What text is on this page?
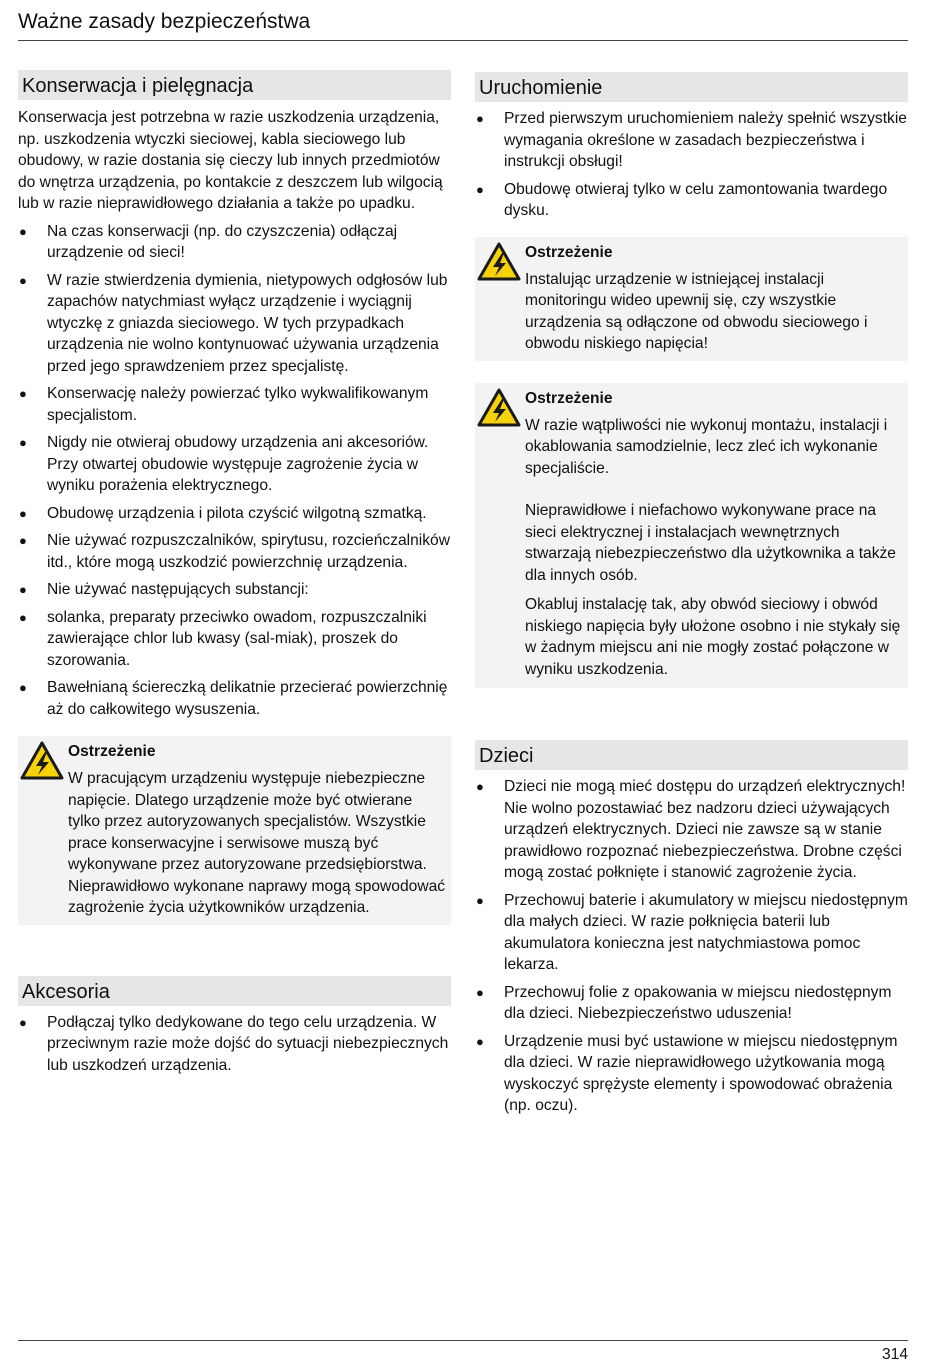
Ważne zasady bezpieczeństwa
Konserwacja i pielęgnacja

Konserwacja jest potrzebna w razie uszkodzenia urządzenia, np. uszkodzenia wtyczki sieciowej, kabla sieciowego lub obudowy, w razie dostania się cieczy lub innych przedmiotów do wnętrza urządzenia, po kontakcie z deszczem lub wilgocią lub w razie nieprawidłowego działania a także po upadku.

● Na czas konserwacji (np. do czyszczenia) odłączaj urządzenie od sieci!
● W razie stwierdzenia dymienia, nietypowych odgłosów lub zapachów natychmiast wyłącz urządzenie i wyciągnij wtyczkę z gniazda sieciowego. W tych przypadkach urządzenia nie wolno kontynuować używania urządzenia przed jego sprawdzeniem przez specjalistę.
● Konserwację należy powierzać tylko wykwalifikowanym specjalistom.
● Nigdy nie otwieraj obudowy urządzenia ani akcesoriów. Przy otwartej obudowie występuje zagrożenie życia w wyniku porażenia elektrycznego.
● Obudowę urządzenia i pilota czyścić wilgotną szmatką.
● Nie używać rozpuszczalników, spirytusu, rozcieńczalników itd., które mogą uszkodzić powierzchnię urządzenia.
● Nie używać następujących substancji:
● solanka, preparaty przeciwko owadom, rozpuszczalniki zawierające chlor lub kwasy (sal-miak), proszek do szorowania.
● Bawełnianą ściereczką delikatnie przecierać powierzchnię aż do całkowitego wysuszenia.
Ostrzeżenie
W pracującym urządzeniu występuje niebezpieczne napięcie. Dlatego urządzenie może być otwierane tylko przez autoryzowanych specjalistów. Wszystkie prace konserwacyjne i serwisowe muszą być wykonywane przez autoryzowane przedsiębiorstwa. Nieprawidłowo wykonane naprawy mogą spowodować zagrożenie życia użytkowników urządzenia.
Akcesoria
● Podłączaj tylko dedykowane do tego celu urządzenia. W przeciwnym razie może dojść do sytuacji niebezpiecznych lub uszkodzeń urządzenia.
Uruchomienie
● Przed pierwszym uruchomieniem należy spełnić wszystkie wymagania określone w zasadach bezpieczeństwa i instrukcji obsługi!
● Obudowę otwieraj tylko w celu zamontowania twardego dysku.
Ostrzeżenie
Instalując urządzenie w istniejącej instalacji monitoringu wideo upewnij się, czy wszystkie urządzenia są odłączone od obwodu sieciowego i obwodu niskiego napięcia!
Ostrzeżenie
W razie wątpliwości nie wykonuj montażu, instalacji i okablowania samodzielnie, lecz zleć ich wykonanie specjaliście.
Nieprawidłowe i niefachowo wykonywane prace na sieci elektrycznej i instalacjach wewnętrznych stwarzają niebezpieczeństwo dla użytkownika a także dla innych osób.
Okabluj instalację tak, aby obwód sieciowy i obwód niskiego napięcia były ułożone osobno i nie stykały się w żadnym miejscu ani nie mogły zostać połączone w wyniku uszkodzenia.
Dzieci
● Dzieci nie mogą mieć dostępu do urządzeń elektrycznych! Nie wolno pozostawiać bez nadzoru dzieci używających urządzeń elektrycznych. Dzieci nie zawsze są w stanie prawidłowo rozpoznać niebezpieczeństwa. Drobne części mogą zostać połknięte i stanowić zagrożenie życia.
● Przechowuj baterie i akumulatory w miejscu niedostępnym dla małych dzieci. W razie połknięcia baterii lub akumulatora konieczna jest natychmiastowa pomoc lekarza.
● Przechowuj folie z opakowania w miejscu niedostępnym dla dzieci. Niebezpieczeństwo uduszenia!
● Urządzenie musi być ustawione w miejscu niedostępnym dla dzieci. W razie nieprawidłowego użytkowania mogą wyskoczyć sprężyste elementy i spowodować obrażenia (np. oczu).
314
